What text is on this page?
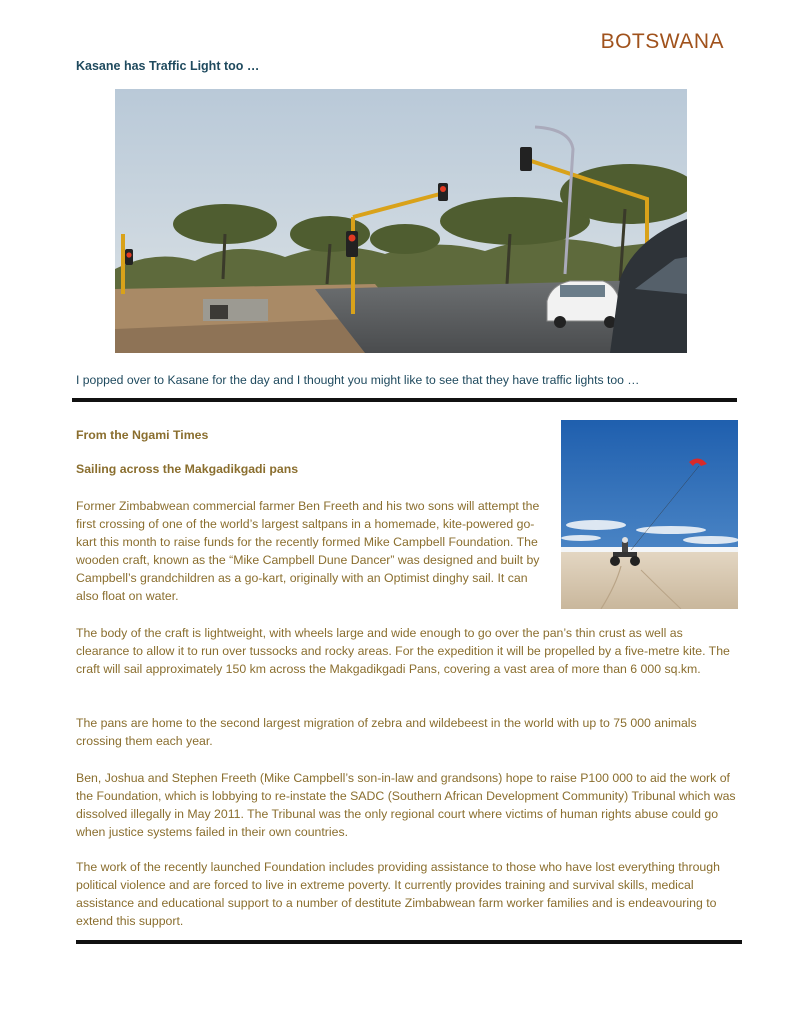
BOTSWANA
Kasane has Traffic Light too …
I popped over to Kasane for the day and I thought you might like to see that they have traffic lights too …
From the Ngami Times
Sailing across the Makgadikgadi pans

Former Zimbabwean commercial farmer Ben Freeth and his two sons will attempt the first crossing of one of the world’s largest saltpans in a homemade, kite-powered go-kart this month to raise funds for the recently formed Mike Campbell Foundation. The wooden craft, known as the “Mike Campbell Dune Dancer” was designed and built by Campbell’s grandchildren as a go-kart, originally with an Optimist dinghy sail. It can also float on water.

The body of the craft is lightweight, with wheels large and wide enough to go over the pan’s thin crust as well as clearance to allow it to run over tussocks and rocky areas. For the expedition it will be propelled by a five-metre kite. The craft will sail approximately 150 km across the Makgadikgadi Pans, covering a vast area of more than 6 000 sq.km.

The pans are home to the second largest migration of zebra and wildebeest in the world with up to 75 000 animals crossing them each year.

Ben, Joshua and Stephen Freeth (Mike Campbell’s son-in-law and grandsons) hope to raise P100 000 to aid the work of the Foundation, which is lobbying to re-instate the SADC (Southern African Development Community) Tribunal which was dissolved illegally in May 2011. The Tribunal was the only regional court where victims of human rights abuse could go when justice systems failed in their own countries.

The work of the recently launched Foundation includes providing assistance to those who have lost everything through political violence and are forced to live in extreme poverty. It currently provides training and survival skills, medical assistance and educational support to a number of destitute Zimbabwean farm worker families and is endeavouring to extend this support.
